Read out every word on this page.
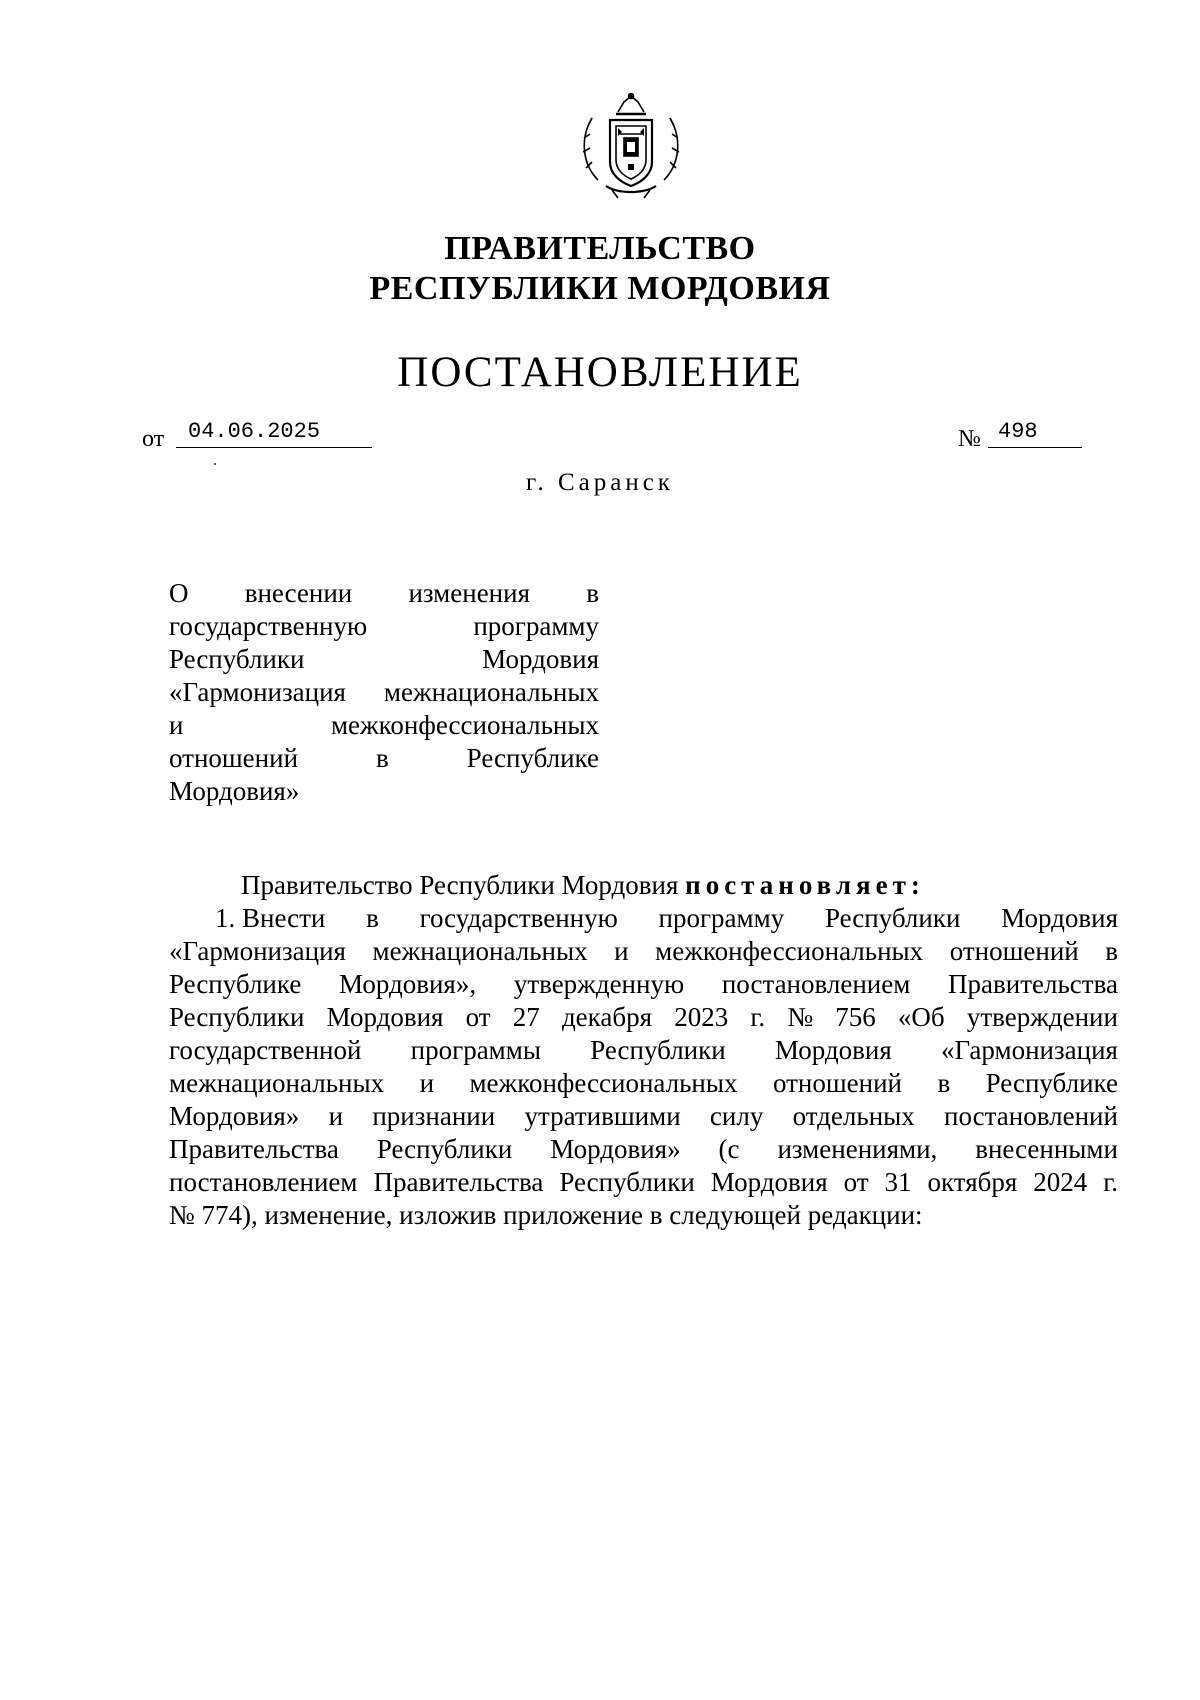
ПРАВИТЕЛЬСТВО
РЕСПУБЛИКИ МОРДОВИЯ
ПОСТАНОВЛЕНИЕ
от 04.06.2025	№ 498
г. Саранск
О внесении изменения в
государственную	программу
Республики	Мордовия
«Гармонизация межнациональных
и	межконфессиональных
отношений	в	Республике
Мордовия»
Правительство Республики Мордовия постановляет:
1. Внести в государственную программу Республики Мордовия
«Гармонизация межнациональных и межконфессиональных отношений в
Республике Мордовия», утвержденную постановлением Правительства
Республики Мордовия от 27 декабря 2023 г. № 756 «Об утверждении
государственной программы Республики Мордовия «Гармонизация
межнациональных и межконфессиональных отношений в Республике
Мордовия» и признании утратившими силу отдельных постановлений
Правительства Республики Мордовия» (с изменениями, внесенными
постановлением Правительства Республики Мордовия от 31 октября 2024 г.
№ 774), изменение, изложив приложение в следующей редакции:
